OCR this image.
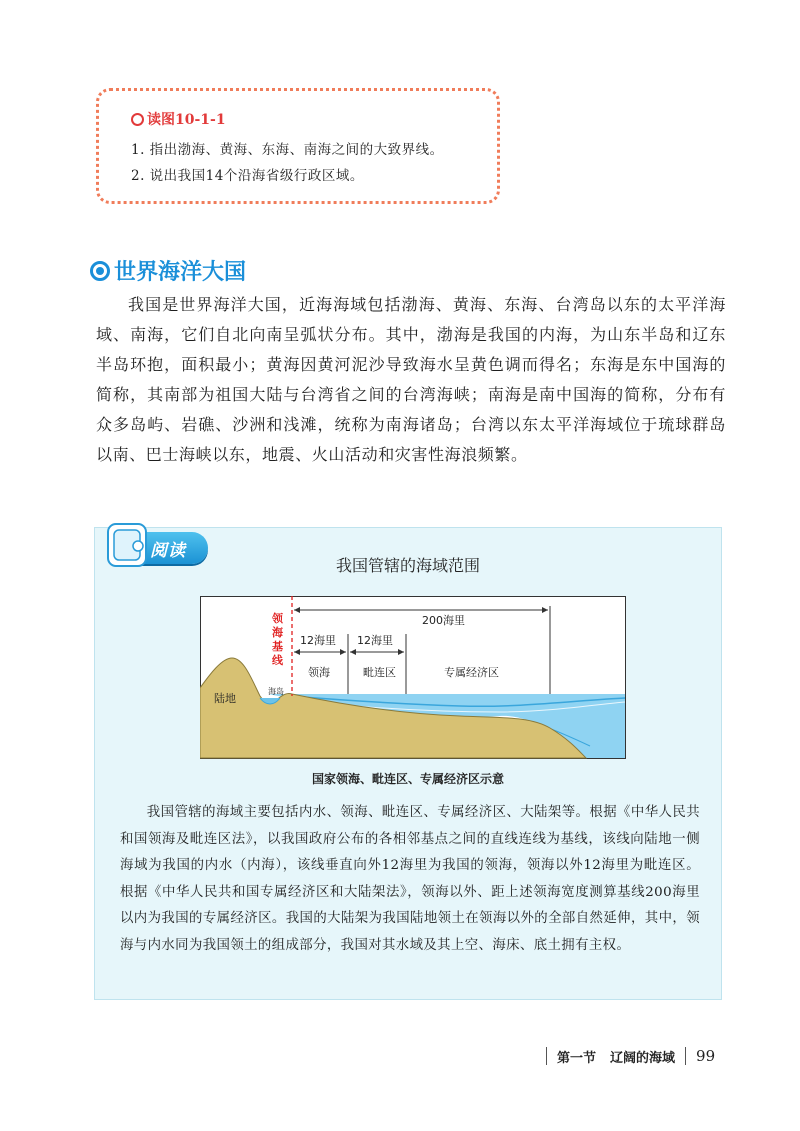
读图10-1-1
1. 指出渤海、黄海、东海、南海之间的大致界线。
2. 说出我国14个沿海省级行政区域。
世界海洋大国
我国是世界海洋大国，近海海域包括渤海、黄海、东海、台湾岛以东的太平洋海域、南海，它们自北向南呈弧状分布。其中，渤海是我国的内海，为山东半岛和辽东半岛环抱，面积最小；黄海因黄河泥沙导致海水呈黄色调而得名；东海是东中国海的简称，其南部为祖国大陆与台湾省之间的台湾海峡；南海是南中国海的简称，分布有众多岛屿、岩礁、沙洲和浅滩，统称为南海诸岛；台湾以东太平洋海域位于琉球群岛以南、巴士海峡以东，地震、火山活动和灾害性海浪频繁。
阅读
我国管辖的海域范围
领
海
基
线
200海里
12海里 12海里
领海	毗连区	专属经济区
陆地
海岛
国家领海、毗连区、专属经济区示意
我国管辖的海域主要包括内水、领海、毗连区、专属经济区、大陆架等。根据《中华人民共和国领海及毗连区法》，以我国政府公布的各相邻基点之间的直线连线为基线，该线向陆地一侧海域为我国的内水（内海），该线垂直向外12海里为我国的领海，领海以外12海里为毗连区。根据《中华人民共和国专属经济区和大陆架法》，领海以外、距上述领海宽度测算基线200海里以内为我国的专属经济区。我国的大陆架为我国陆地领土在领海以外的全部自然延伸，其中，领海与内水同为我国领土的组成部分，我国对其水域及其上空、海床、底土拥有主权。
第一节 辽阔的海域 99
